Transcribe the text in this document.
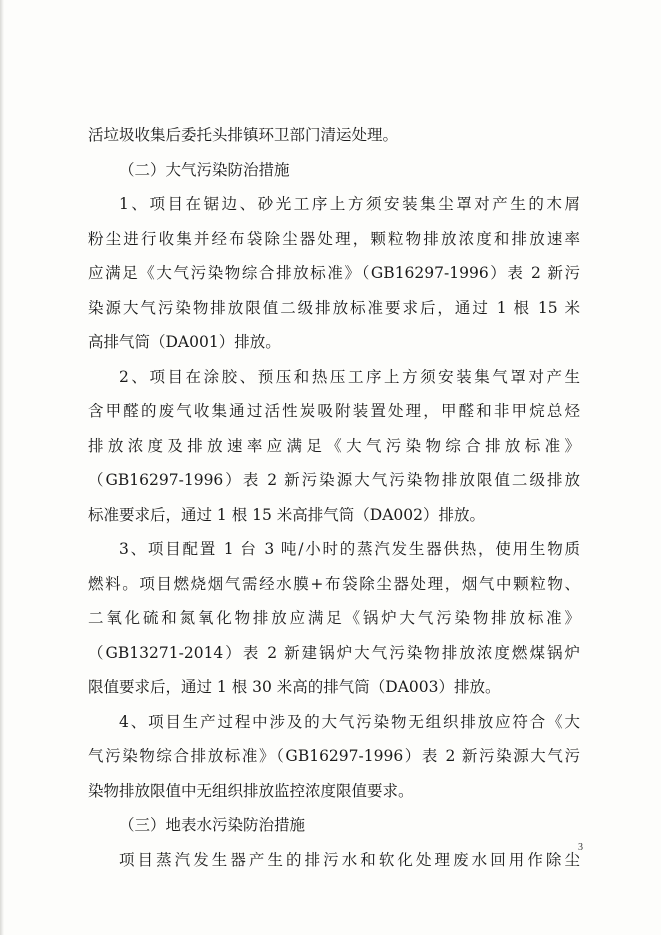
活垃圾收集后委托头排镇环卫部门清运处理。
（二）大气污染防治措施
1、项目在锯边、砂光工序上方须安装集尘罩对产生的木屑
粉尘进行收集并经布袋除尘器处理，颗粒物排放浓度和排放速率
应满足《大气污染物综合排放标准》（GB16297-1996）表 2 新污
染源大气污染物排放限值二级排放标准要求后，通过 1 根 15 米
高排气筒（DA001）排放。
2、项目在涂胶、预压和热压工序上方须安装集气罩对产生
含甲醛的废气收集通过活性炭吸附装置处理，甲醛和非甲烷总烃
排放浓度及排放速率应满足《大气污染物综合排放标准》
（GB16297-1996）表 2 新污染源大气污染物排放限值二级排放
标准要求后，通过 1 根 15 米高排气筒（DA002）排放。
3、项目配置 1 台 3 吨/小时的蒸汽发生器供热，使用生物质
燃料。项目燃烧烟气需经水膜+布袋除尘器处理，烟气中颗粒物、
二氧化硫和氮氧化物排放应满足《锅炉大气污染物排放标准》
（GB13271-2014）表 2 新建锅炉大气污染物排放浓度燃煤锅炉
限值要求后，通过 1 根 30 米高的排气筒（DA003）排放。
4、项目生产过程中涉及的大气污染物无组织排放应符合《大
气污染物综合排放标准》（GB16297-1996）表 2 新污染源大气污
染物排放限值中无组织排放监控浓度限值要求。
（三）地表水污染防治措施
项目蒸汽发生器产生的排污水和软化处理废水回用作除尘
3
